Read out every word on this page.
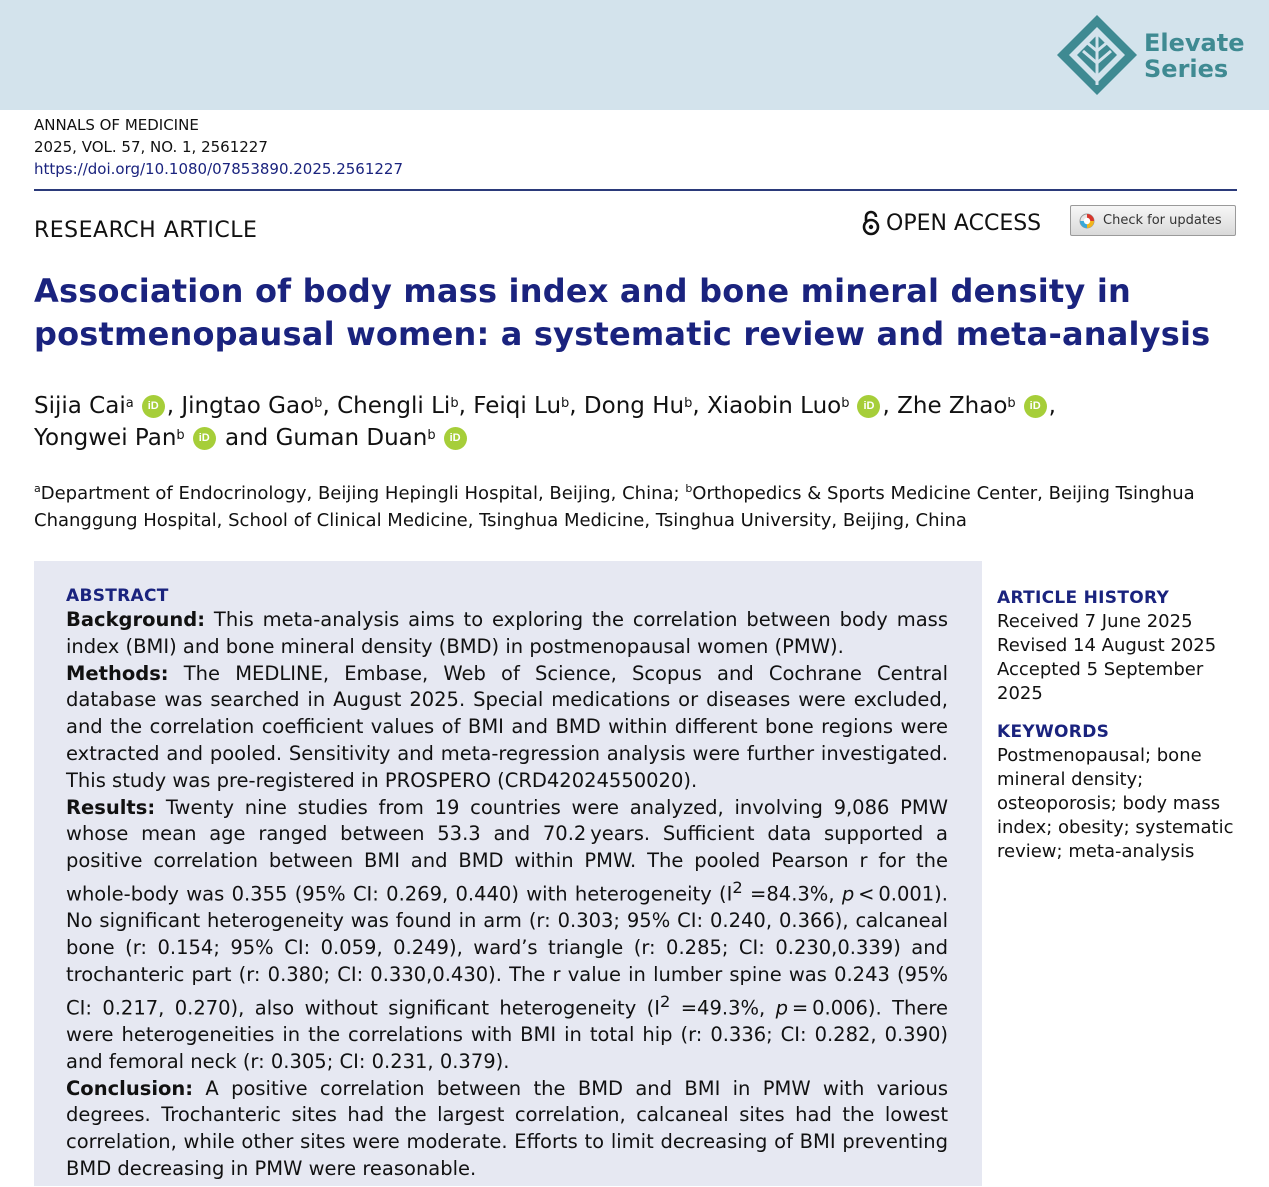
Elevate
Series
ANNALS OF MEDICINE
2025, VOL. 57, NO. 1, 2561227
https://doi.org/10.1080/07853890.2025.2561227
RESEARCH ARTICLE	OPEN ACCESS	Check for updates
Association of body mass index and bone mineral density in postmenopausal women: a systematic review and meta-analysis
Sijia Cai$^a$ iD , Jingtao Gao$^b$, Chengli Li$^b$, Feiqi Lu$^b$, Dong Hu$^b$, Xiaobin Luo$^b$ iD , Zhe Zhao$^b$ iD ,
Yongwei Pan$^b$ iD and Guman Duan$^b$ iD
$^a$Department of Endocrinology, Beijing Hepingli Hospital, Beijing, China; $^b$Orthopedics & Sports Medicine Center, Beijing Tsinghua Changgung Hospital, School of Clinical Medicine, Tsinghua Medicine, Tsinghua University, Beijing, China
ABSTRACT

Background: This meta-analysis aims to exploring the correlation between body mass index (BMI) and bone mineral density (BMD) in postmenopausal women (PMW).

Methods: The MEDLINE, Embase, Web of Science, Scopus and Cochrane Central database was searched in August 2025. Special medications or diseases were excluded, and the correlation coefficient values of BMI and BMD within different bone regions were extracted and pooled. Sensitivity and meta-regression analysis were further investigated. This study was pre-registered in PROSPERO (CRD42024550020).

Results: Twenty nine studies from 19 countries were analyzed, involving 9,086 PMW whose mean age ranged between 53.3 and 70.2 years. Sufficient data supported a positive correlation between BMI and BMD within PMW. The pooled Pearson r for the whole-body was 0.355 (95% CI: 0.269, 0.440) with heterogeneity ($I^2 =84.3\%$, p < 0.001). No significant heterogeneity was found in arm (r: 0.303; 95% CI: 0.240, 0.366), calcaneal bone (r: 0.154; 95% CI: 0.059, 0.249), ward’s triangle (r: 0.285; CI: 0.230,0.339) and trochanteric part (r: 0.380; CI: 0.330,0.430). The r value in lumber spine was 0.243 (95% CI: 0.217, 0.270), also without significant heterogeneity ($I^2 =49.3\%$, p = 0.006). There were heterogeneities in the correlations with BMI in total hip (r: 0.336; CI: 0.282, 0.390) and femoral neck (r: 0.305; CI: 0.231, 0.379).

Conclusion: A positive correlation between the BMD and BMI in PMW with various degrees. Trochanteric sites had the largest correlation, calcaneal sites had the lowest correlation, while other sites were moderate. Efforts to limit decreasing of BMI preventing BMD decreasing in PMW were reasonable.

ARTICLE HISTORY

Received 7 June 2025

Revised 14 August 2025

Accepted 5 September 2025

KEYWORDS

Postmenopausal; bone mineral density; osteoporosis; body mass index; obesity; systematic review; meta-analysis
